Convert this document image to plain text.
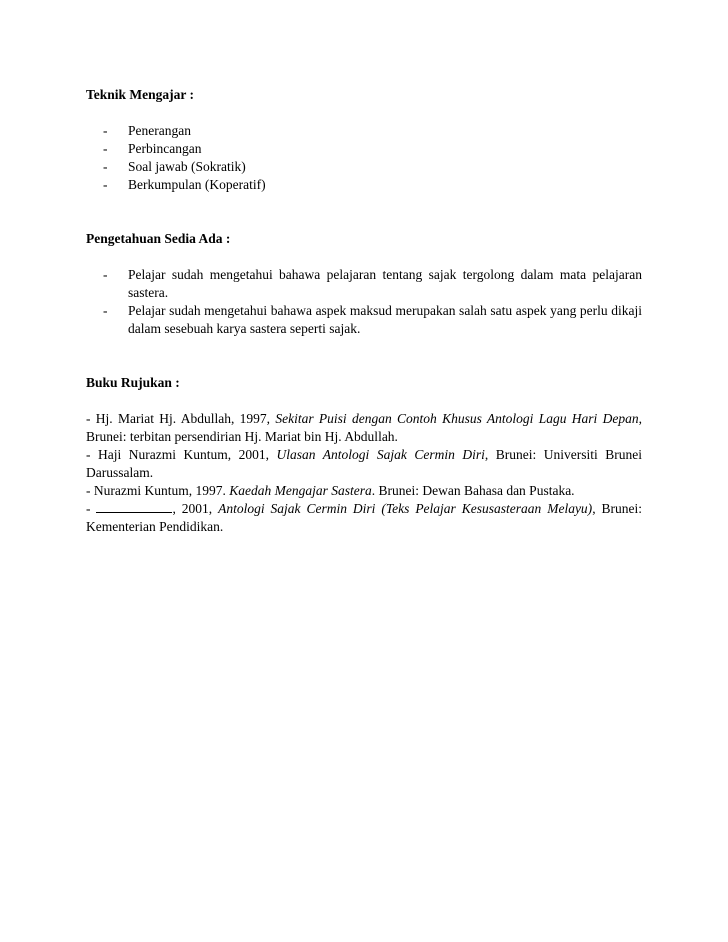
Teknik Mengajar :

- Penerangan
- Perbincangan
- Soal jawab (Sokratik)
- Berkumpulan (Koperatif)

Pengetahuan Sedia Ada :

- Pelajar sudah mengetahui bahawa pelajaran tentang sajak tergolong dalam mata pelajaran sastera.
- Pelajar sudah mengetahui bahawa aspek maksud merupakan salah satu aspek yang perlu dikaji dalam sesebuah karya sastera seperti sajak.

Buku Rujukan :

- Hj. Mariat Hj. Abdullah, 1997, Sekitar Puisi dengan Contoh Khusus Antologi Lagu Hari Depan, Brunei: terbitan persendirian Hj. Mariat bin Hj. Abdullah.

- Haji Nurazmi Kuntum, 2001, Ulasan Antologi Sajak Cermin Diri, Brunei: Universiti Brunei Darussalam.

- Nurazmi Kuntum, 1997. Kaedah Mengajar Sastera. Brunei: Dewan Bahasa dan Pustaka.

-	, 2001, Antologi Sajak Cermin Diri (Teks Pelajar Kesusasteraan Melayu), Brunei: Kementerian Pendidikan.
